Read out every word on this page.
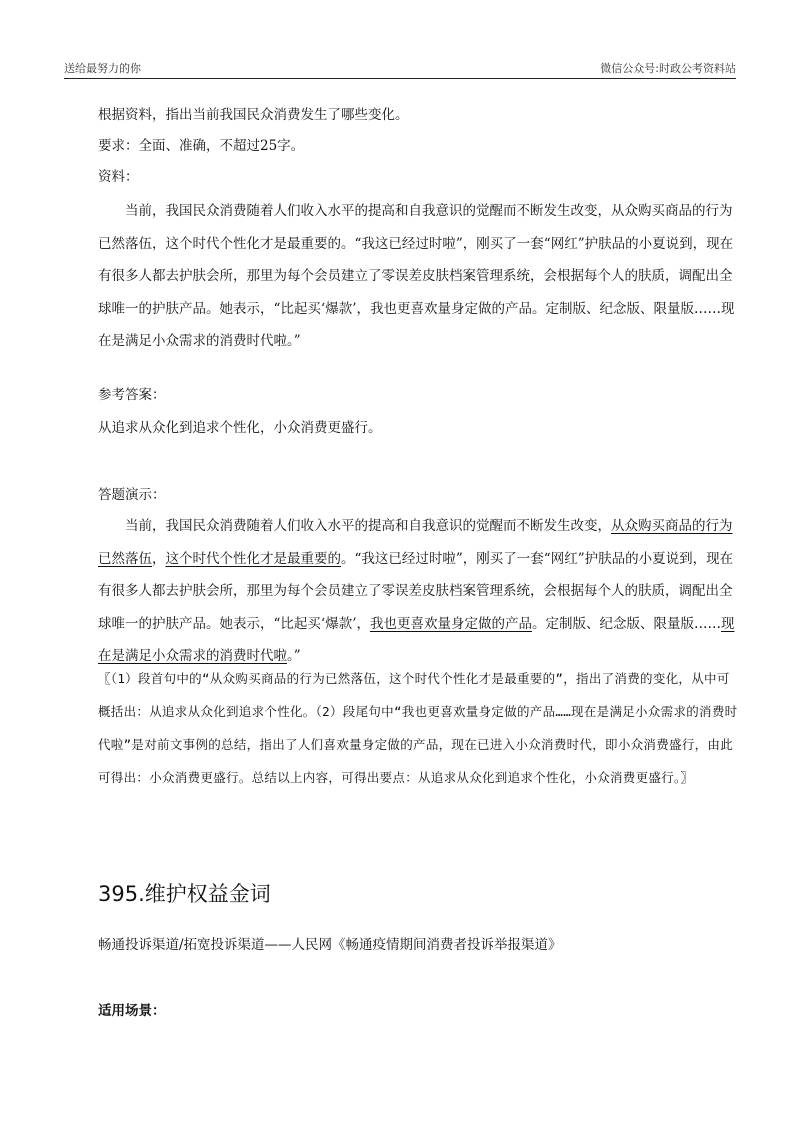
送给最努力的你	微信公众号:时政公考资料站

根据资料，指出当前我国民众消费发生了哪些变化。

要求：全面、准确，不超过25字。

资料：

当前，我国民众消费随着人们收入水平的提高和自我意识的觉醒而不断发生改变，从众购买商品的行为已然落伍，这个时代个性化才是最重要的。“我这已经过时啦”，刚买了一套“网红”护肤品的小夏说到，现在有很多人都去护肤会所，那里为每个会员建立了零误差皮肤档案管理系统，会根据每个人的肤质，调配出全球唯一的护肤产品。她表示，“比起买‘爆款’，我也更喜欢量身定做的产品。定制版、纪念版、限量版……现在是满足小众需求的消费时代啦。”

参考答案：

从追求从众化到追求个性化，小众消费更盛行。

答题演示：

当前，我国民众消费随着人们收入水平的提高和自我意识的觉醒而不断发生改变，从众购买商品的行为已然落伍，这个时代个性化才是最重要的。“我这已经过时啦”，刚买了一套“网红”护肤品的小夏说到，现在有很多人都去护肤会所，那里为每个会员建立了零误差皮肤档案管理系统，会根据每个人的肤质，调配出全球唯一的护肤产品。她表示，“比起买‘爆款’，我也更喜欢量身定做的产品。定制版、纪念版、限量版……现在是满足小众需求的消费时代啦。”

〖（1）段首句中的“从众购买商品的行为已然落伍，这个时代个性化才是最重要的”，指出了消费的变化，从中可概括出：从追求从众化到追求个性化。（2）段尾句中“我也更喜欢量身定做的产品……现在是满足小众需求的消费时代啦”是对前文事例的总结，指出了人们喜欢量身定做的产品，现在已进入小众消费时代，即小众消费盛行，由此可得出：小众消费更盛行。总结以上内容，可得出要点：从追求从众化到追求个性化，小众消费更盛行。〗

395.维护权益金词

畅通投诉渠道/拓宽投诉渠道——人民网《畅通疫情期间消费者投诉举报渠道》

适用场景：
